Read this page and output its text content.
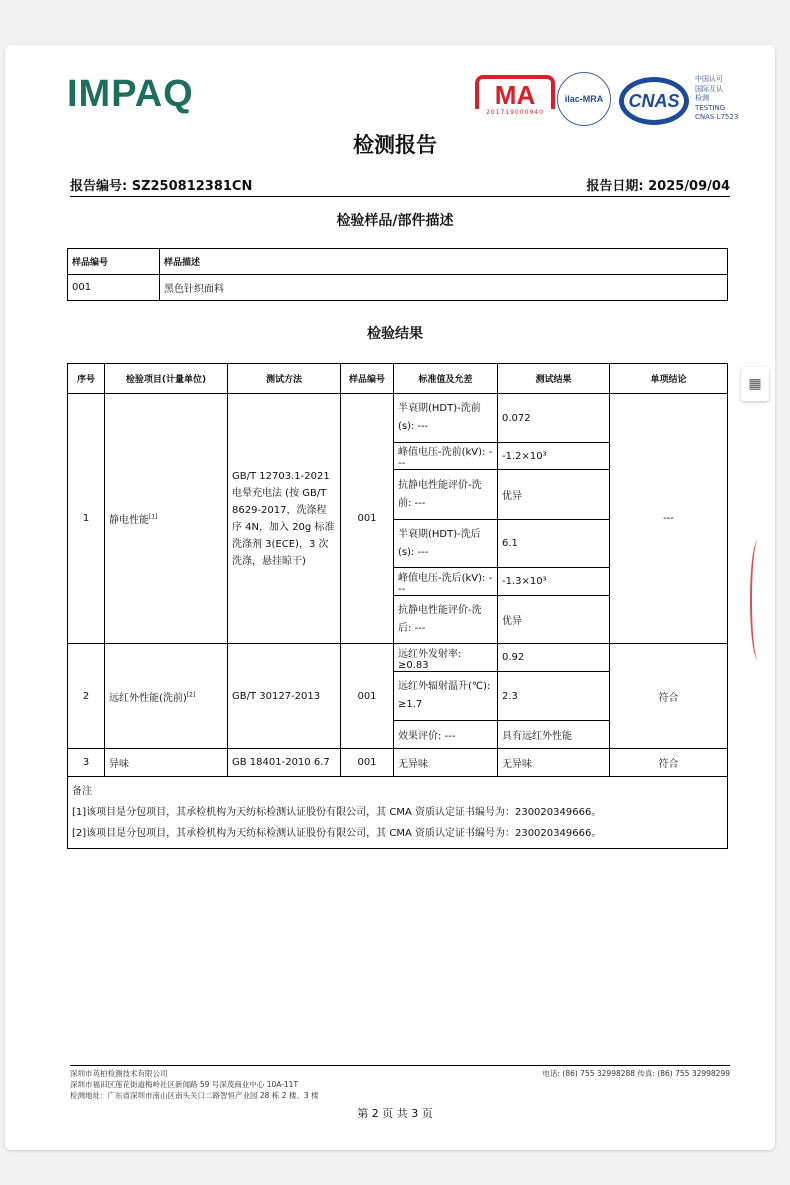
IMPAQ	MA
201719000940
ilac-MRA	CNAS
中国认可
国际互认
检测
TESTING
CNAS L7523
检测报告
报告编号: SZ250812381CN	报告日期: 2025/09/04
检验样品/部件描述
样品编号	样品描述
001	黑色针织面料
检验结果
序号	检验项目(计量单位)	测试方法	样品编号	标准值及允差	测试结果	单项结论
1	静电性能[1]	GB/T 12703.1-2021 电晕充电法 (按 GB/T 8629-2017，洗涤程序 4N，加入 20g 标准洗涤剂 3(ECE)，3 次洗涤，悬挂晾干)	001	半衰期(HDT)-洗前(s): ---	0.072	---
				峰值电压-洗前(kV): ---	-1.2×10³	
				抗静电性能评价-洗前: ---	优异	
				半衰期(HDT)-洗后(s): ---	6.1	
				峰值电压-洗后(kV): ---	-1.3×10³	
				抗静电性能评价-洗后: ---	优异	
2	远红外性能(洗前)[2]	GB/T 30127-2013	001	远红外发射率: ≥0.83	0.92	符合
				远红外辐射温升(℃): ≥1.7	2.3	
				效果评价: ---	具有远红外性能	
3	异味	GB 18401-2010 6.7	001	无异味	无异味	符合

备注
[1]该项目是分包项目，其承检机构为天纺标检测认证股份有限公司，其 CMA 资质认定证书编号为：230020349666。
[2]该项目是分包项目，其承检机构为天纺标检测认证股份有限公司，其 CMA 资质认定证书编号为：230020349666。						
深圳市英柏检测技术有限公司	电话: (86) 755 32998288 传真: (86) 755 32998299
深圳市福田区莲花街道梅岭社区新闻路 59 号深茂商业中心 10A-11T
检测地址：广东省深圳市南山区南头关口二路智恒产业园 28 栋 2 楼、3 楼
第 2 页 共 3 页
▦
